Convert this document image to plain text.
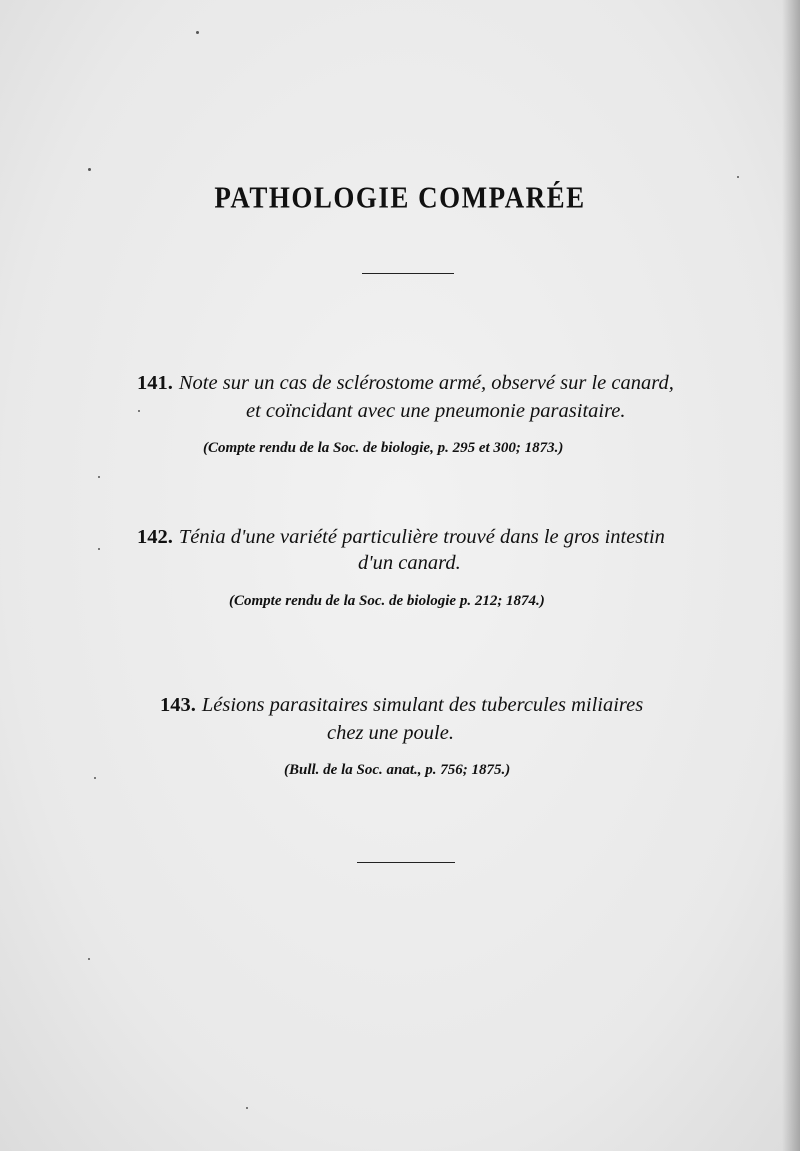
PATHOLOGIE COMPARÉE
141. Note sur un cas de sclérostome armé, observé sur le canard,
et coïncidant avec une pneumonie parasitaire.
(Compte rendu de la Soc. de biologie, p. 295 et 300; 1873.)
142. Ténia d'une variété particulière trouvé dans le gros intestin
d'un canard.
(Compte rendu de la Soc. de biologie p. 212; 1874.)
143. Lésions parasitaires simulant des tubercules miliaires
chez une poule.
(Bull. de la Soc. anat., p. 756; 1875.)
